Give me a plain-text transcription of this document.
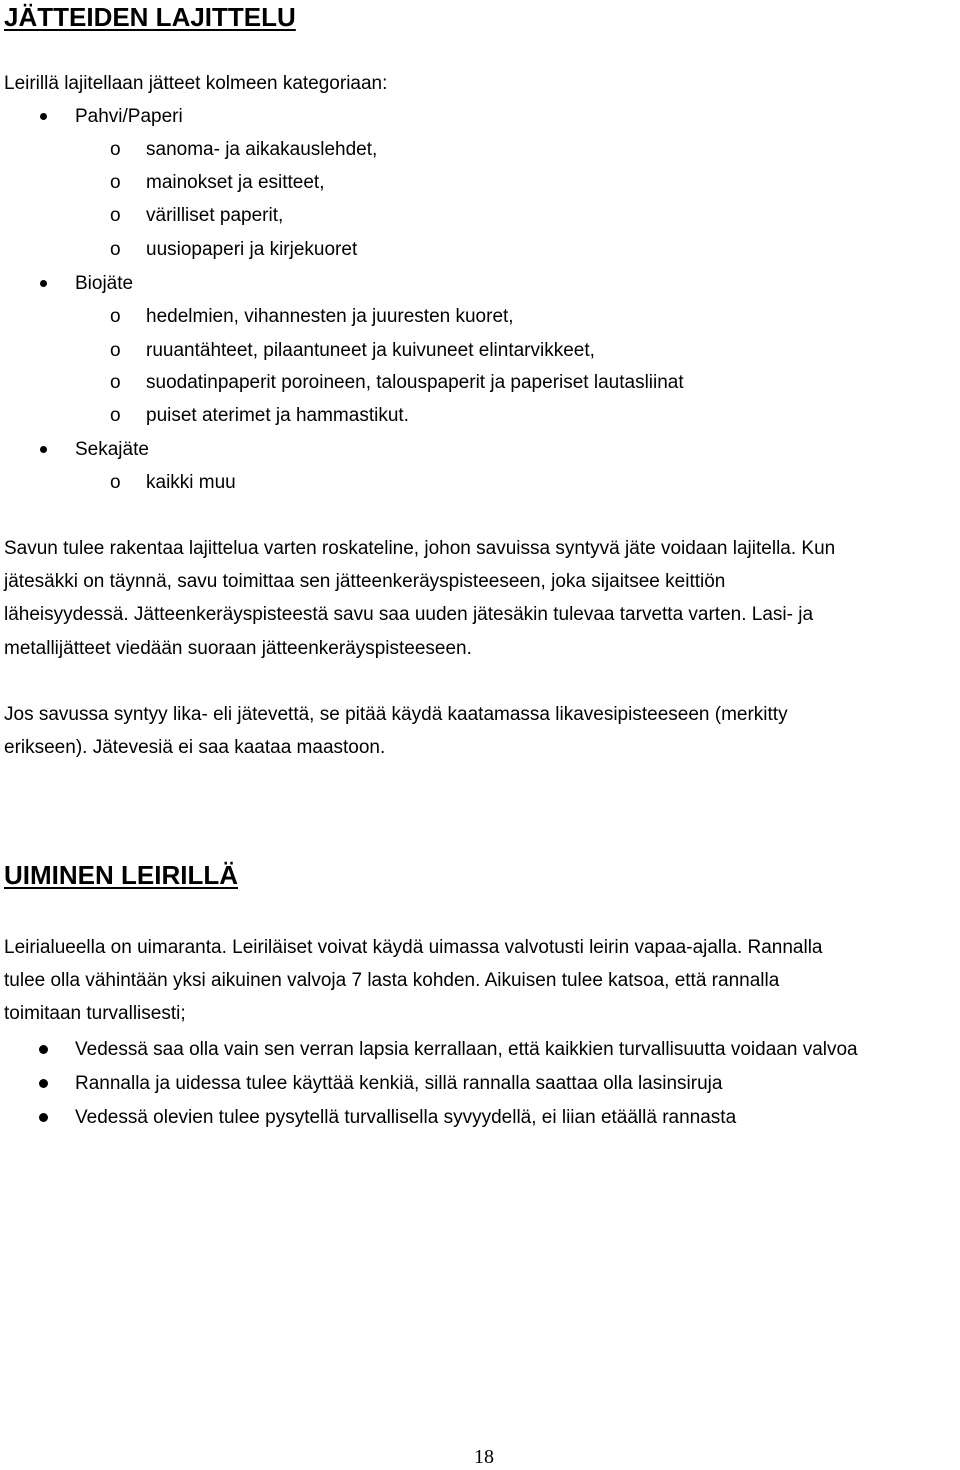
JÄTTEIDEN LAJITTELU
Leirillä lajitellaan jätteet kolmeen kategoriaan:
Pahvi/Paperi
o sanoma- ja aikakauslehdet,
o mainokset ja esitteet,
o värilliset paperit,
o uusiopaperi ja kirjekuoret
Biojäte
o hedelmien, vihannesten ja juuresten kuoret,
o ruuantähteet, pilaantuneet ja kuivuneet elintarvikkeet,
o suodatinpaperit poroineen, talouspaperit ja paperiset lautasliinat
o puiset aterimet ja hammastikut.
Sekajäte
o kaikki muu
Savun tulee rakentaa lajittelua varten roskateline, johon savuissa syntyvä jäte voidaan lajitella. Kun
jätesäkki on täynnä, savu toimittaa sen jätteenkeräyspisteeseen, joka sijaitsee keittiön
läheisyydessä. Jätteenkeräyspisteestä savu saa uuden jätesäkin tulevaa tarvetta varten. Lasi- ja
metallijätteet viedään suoraan jätteenkeräyspisteeseen.
Jos savussa syntyy lika- eli jätevettä, se pitää käydä kaatamassa likavesipisteeseen (merkitty
erikseen). Jätevesiä ei saa kaataa maastoon.
UIMINEN LEIRILLÄ
Leirialueella on uimaranta. Leiriläiset voivat käydä uimassa valvotusti leirin vapaa-ajalla. Rannalla
tulee olla vähintään yksi aikuinen valvoja 7 lasta kohden. Aikuisen tulee katsoa, että rannalla
toimitaan turvallisesti;
Vedessä saa olla vain sen verran lapsia kerrallaan, että kaikkien turvallisuutta voidaan valvoa
Rannalla ja uidessa tulee käyttää kenkiä, sillä rannalla saattaa olla lasinsiruja
Vedessä olevien tulee pysytellä turvallisella syvyydellä, ei liian etäällä rannasta
18
